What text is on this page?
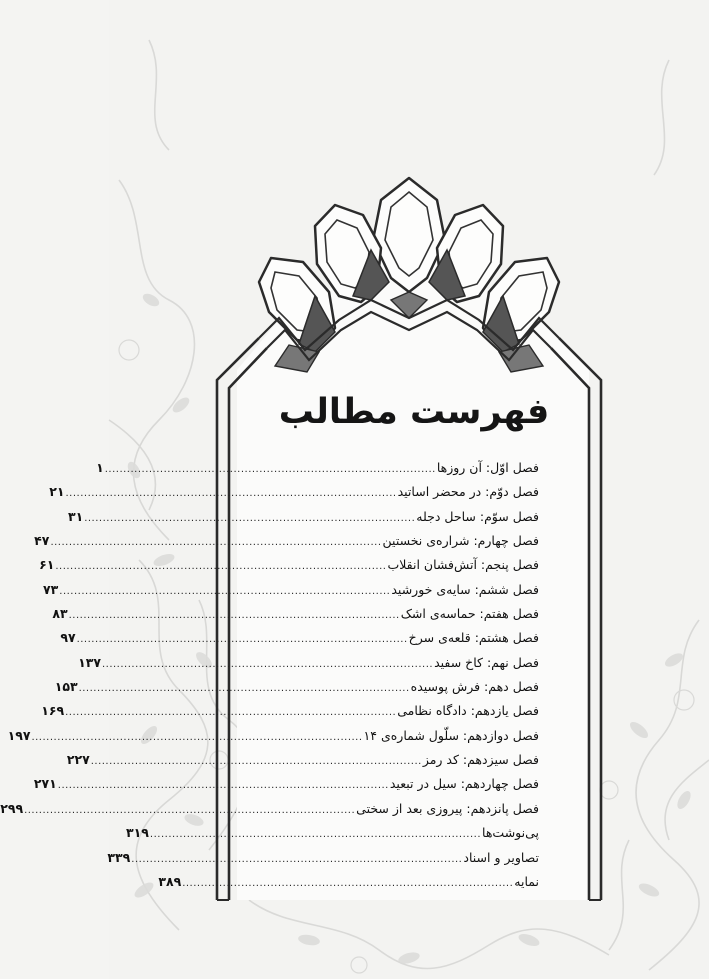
فهرست مطالب
فصل اوّل: آن روزها
..........................................................................................
۱
فصل دوّم: در محضر اساتید
..........................................................................................
۲۱
فصل سوّم: ساحل دجله
..........................................................................................
۳۱
فصل چهارم: شراره‌ی نخستین
..........................................................................................
۴۷
فصل پنجم: آتش‌فشان انقلاب
..........................................................................................
۶۱
فصل ششم: سایه‌ی خورشید
..........................................................................................
۷۳
فصل هفتم: حماسه‌ی اشک
..........................................................................................
۸۳
فصل هشتم: قلعه‌ی سرخ
..........................................................................................
۹۷
فصل نهم: کاخ سفید
..........................................................................................
۱۳۷
فصل دهم: فرش پوسیده
..........................................................................................
۱۵۳
فصل یازدهم: دادگاه نظامی
..........................................................................................
۱۶۹
فصل دوازدهم: سلّول شماره‌ی ۱۴
..........................................................................................
۱۹۷
فصل سیزدهم: کد رمز
..........................................................................................
۲۲۷
فصل چهاردهم: سیل در تبعید
..........................................................................................
۲۷۱
فصل پانزدهم: پیروزی بعد از سختی
..........................................................................................
۲۹۹
پی‌نوشت‌ها
..........................................................................................
۳۱۹
تصاویر و اسناد
..........................................................................................
۳۳۹
نمایه
..........................................................................................
۳۸۹
